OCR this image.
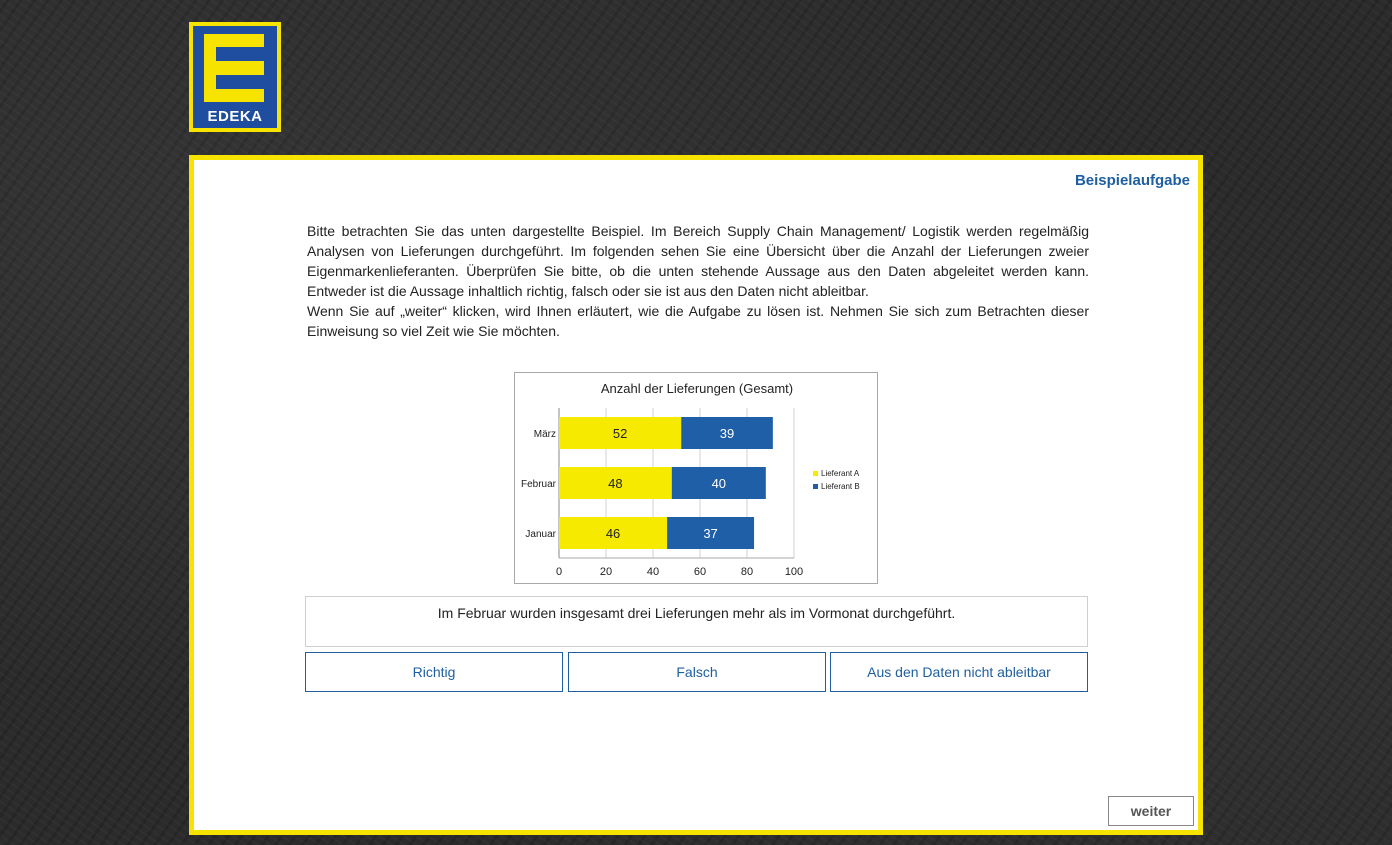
EDEKA
Beispielaufgabe

Bitte betrachten Sie das unten dargestellte Beispiel. Im Bereich Supply Chain Management/ Logistik werden regelmäßig Analysen von Lieferungen durchgeführt. Im folgenden sehen Sie eine Übersicht über die Anzahl der Lieferungen zweier Eigenmarkenlieferanten. Überprüfen Sie bitte, ob die unten stehende Aussage aus den Daten abgeleitet werden kann. Entweder ist die Aussage inhaltlich richtig, falsch oder sie ist aus den Daten nicht ableitbar.

Wenn Sie auf „weiter“ klicken, wird Ihnen erläutert, wie die Aufgabe zu lösen ist. Nehmen Sie sich zum Betrachten dieser Einweisung so viel Zeit wie Sie möchten.

Anzahl der Lieferungen (Gesamt)
0	20	40	60	80	100
März	52	39
Februar	48	40
Januar	46	37
Lieferant A
Lieferant B
Im Februar wurden insgesamt drei Lieferungen mehr als im Vormonat durchgeführt.
Richtig	Falsch	Aus den Daten nicht ableitbar
weiter
